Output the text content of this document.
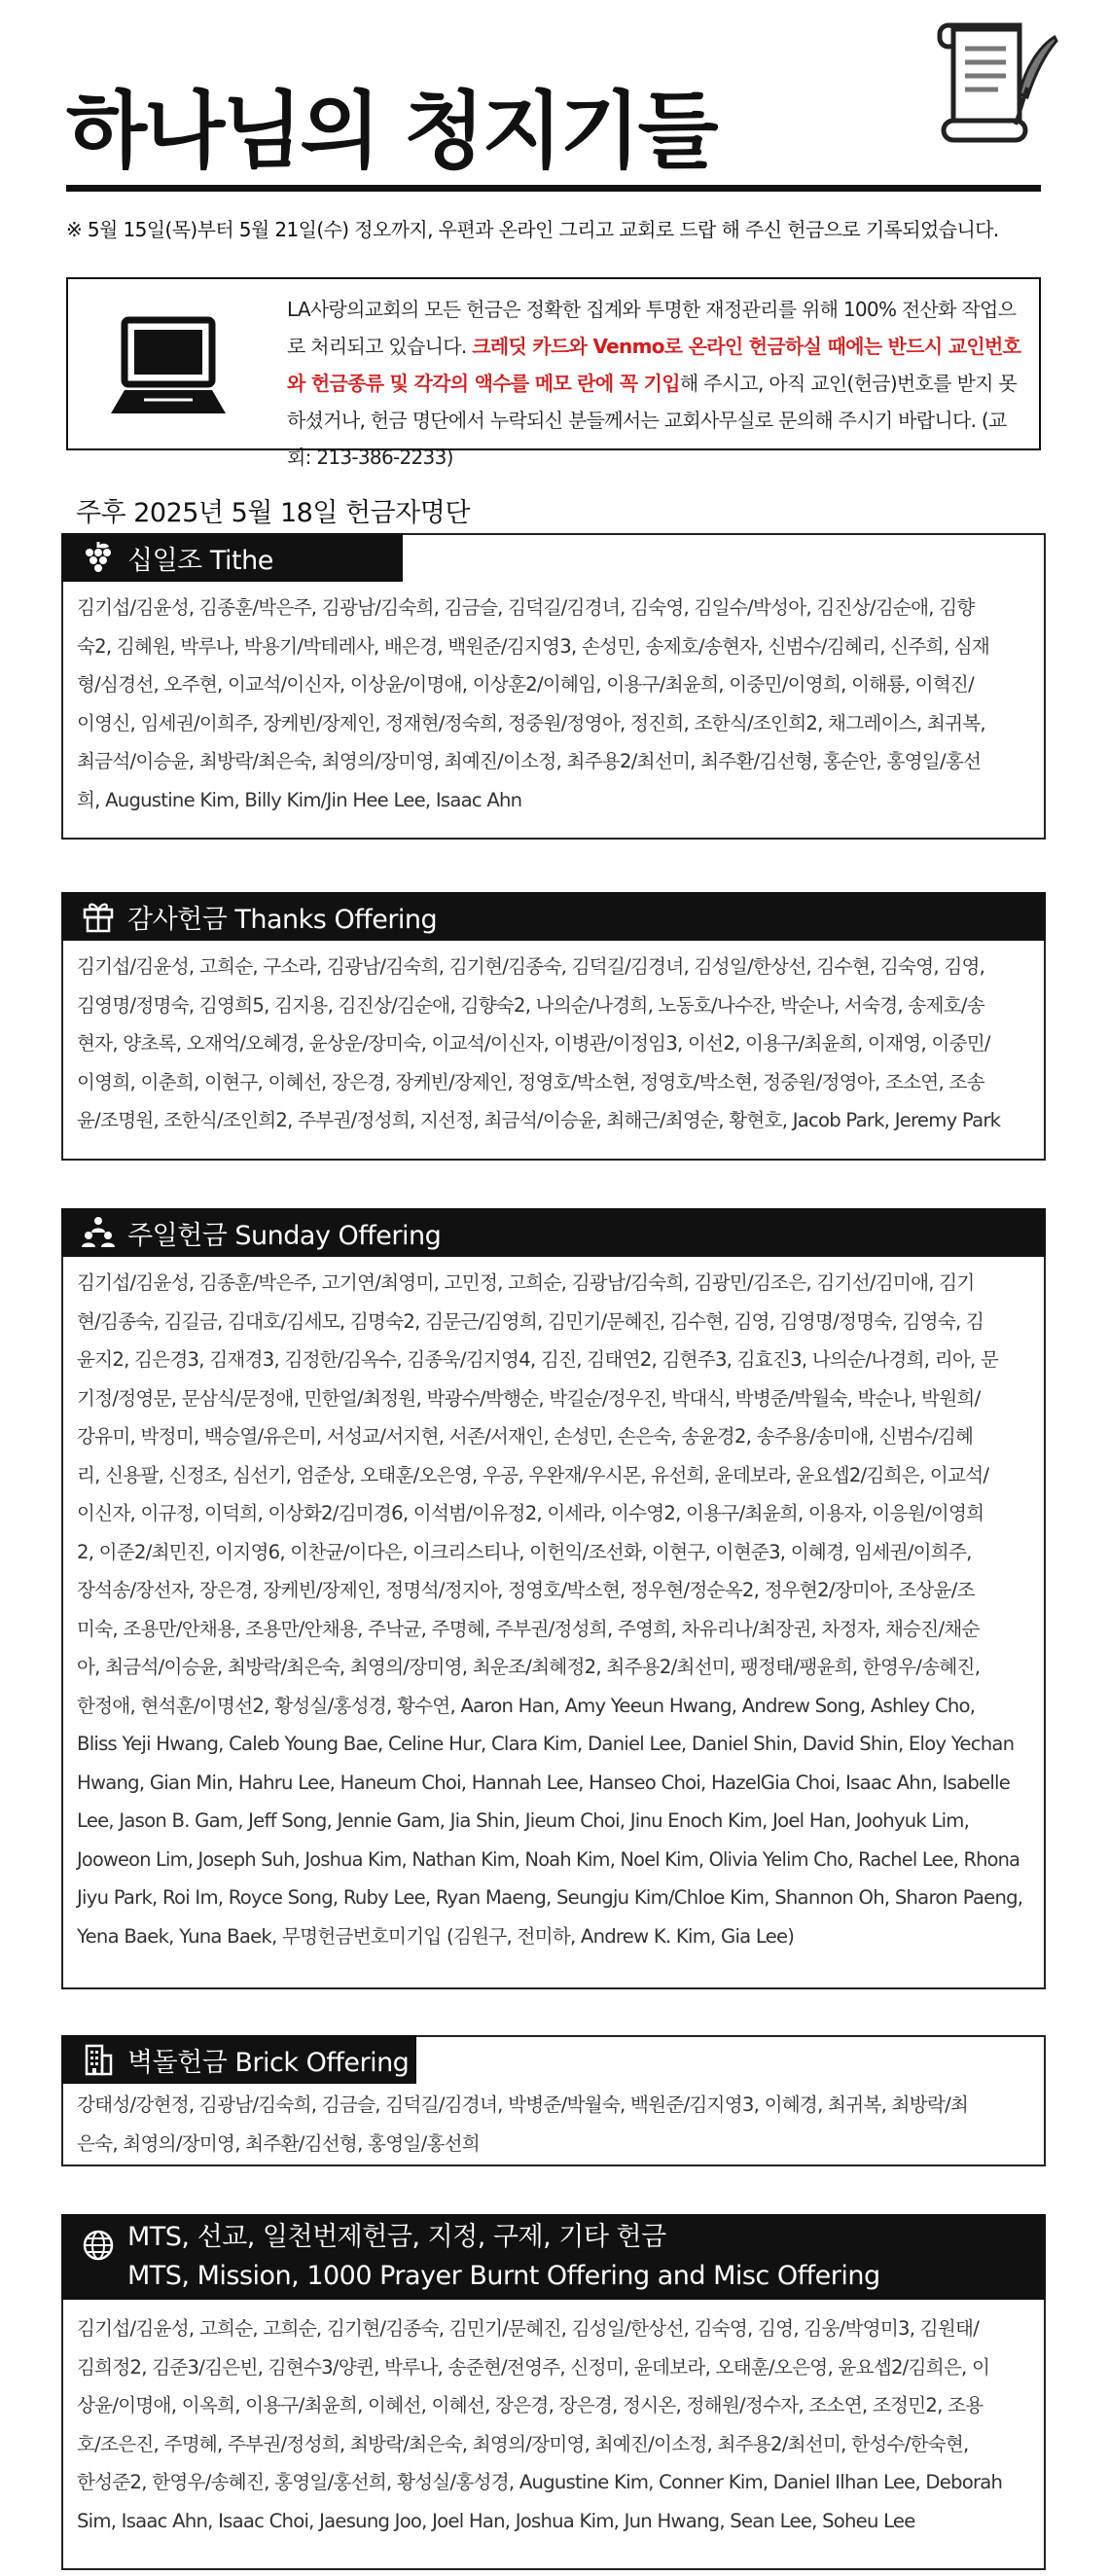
하나님의 청지기들
※ 5월 15일(목)부터 5월 21일(수) 정오까지, 우편과 온라인 그리고 교회로 드랍 해 주신 헌금으로 기록되었습니다.
LA사랑의교회의 모든 헌금은 정확한 집계와 투명한 재정관리를 위해 100% 전산화 작업으로 처리되고 있습니다. 크레딧 카드와 Venmo로 온라인 헌금하실 때에는 반드시 교인번호와 헌금종류 및 각각의 액수를 메모 란에 꼭 기입해 주시고, 아직 교인(헌금)번호를 받지 못하셨거나, 헌금 명단에서 누락되신 분들께서는 교회사무실로 문의해 주시기 바랍니다. (교회: 213-386-2233)
주후 2025년 5월 18일 헌금자명단
십일조 Tithe
김기섭/김윤성, 김종훈/박은주, 김광남/김숙희, 김금슬, 김덕길/김경녀, 김숙영, 김일수/박성아, 김진상/김순애, 김향
숙2, 김혜원, 박루나, 박용기/박테레사, 배은경, 백원준/김지영3, 손성민, 송제호/송현자, 신범수/김혜리, 신주희, 심재
형/심경선, 오주현, 이교석/이신자, 이상윤/이명애, 이상훈2/이혜임, 이용구/최윤희, 이중민/이영희, 이해룡, 이혁진/
이영신, 임세권/이희주, 장케빈/장제인, 정재현/정숙희, 정중원/정영아, 정진희, 조한식/조인희2, 채그레이스, 최귀복,
최금석/이승윤, 최방락/최은숙, 최영의/장미영, 최예진/이소정, 최주용2/최선미, 최주환/김선형, 홍순안, 홍영일/홍선
희, Augustine Kim, Billy Kim/Jin Hee Lee, Isaac Ahn
감사헌금 Thanks Offering
김기섭/김윤성, 고희순, 구소라, 김광남/김숙희, 김기현/김종숙, 김덕길/김경녀, 김성일/한상선, 김수현, 김숙영, 김영,
김영명/정명숙, 김영희5, 김지용, 김진상/김순애, 김향숙2, 나의순/나경희, 노동호/나수잔, 박순나, 서숙경, 송제호/송
현자, 양초록, 오재억/오혜경, 윤상운/장미숙, 이교석/이신자, 이병관/이정임3, 이선2, 이용구/최윤희, 이재영, 이중민/
이영희, 이춘희, 이현구, 이혜선, 장은경, 장케빈/장제인, 정영호/박소현, 정영호/박소현, 정중원/정영아, 조소연, 조송
윤/조명원, 조한식/조인희2, 주부권/정성희, 지선정, 최금석/이승윤, 최해근/최영순, 황현호, Jacob Park, Jeremy Park
주일헌금 Sunday Offering
김기섭/김윤성, 김종훈/박은주, 고기연/최영미, 고민정, 고희순, 김광남/김숙희, 김광민/김조은, 김기선/김미애, 김기
현/김종숙, 김길금, 김대호/김세모, 김명숙2, 김문근/김영희, 김민기/문혜진, 김수현, 김영, 김영명/정명숙, 김영숙, 김
윤지2, 김은경3, 김재경3, 김정한/김옥수, 김종욱/김지영4, 김진, 김태연2, 김현주3, 김효진3, 나의순/나경희, 리아, 문
기정/정영문, 문삼식/문정애, 민한얼/최정원, 박광수/박행순, 박길순/정우진, 박대식, 박병준/박월숙, 박순나, 박원희/
강유미, 박정미, 백승열/유은미, 서성교/서지현, 서존/서재인, 손성민, 손은숙, 송윤경2, 송주용/송미애, 신범수/김혜
리, 신용팔, 신정조, 심선기, 엄준상, 오태훈/오은영, 우공, 우완재/우시몬, 유선희, 윤데보라, 윤요셉2/김희은, 이교석/
이신자, 이규정, 이덕희, 이상화2/김미경6, 이석범/이유정2, 이세라, 이수영2, 이용구/최윤희, 이용자, 이응원/이영희
2, 이준2/최민진, 이지영6, 이찬균/이다은, 이크리스티나, 이헌익/조선화, 이현구, 이현준3, 이혜경, 임세권/이희주,
장석송/장선자, 장은경, 장케빈/장제인, 정명석/정지아, 정영호/박소현, 정우현/정순옥2, 정우현2/장미아, 조상윤/조
미숙, 조용만/안채용, 조용만/안채용, 주낙균, 주명혜, 주부권/정성희, 주영희, 차유리나/최장권, 차정자, 채승진/채순
아, 최금석/이승윤, 최방락/최은숙, 최영의/장미영, 최운조/최혜정2, 최주용2/최선미, 팽정태/팽윤희, 한영우/송혜진,
한정애, 현석훈/이명선2, 황성실/홍성경, 황수연, Aaron Han, Amy Yeeun Hwang, Andrew Song, Ashley Cho,
Bliss Yeji Hwang, Caleb Young Bae, Celine Hur, Clara Kim, Daniel Lee, Daniel Shin, David Shin, Eloy Yechan
Hwang, Gian Min, Hahru Lee, Haneum Choi, Hannah Lee, Hanseo Choi, HazelGia Choi, Isaac Ahn, Isabelle
Lee, Jason B. Gam, Jeff Song, Jennie Gam, Jia Shin, Jieum Choi, Jinu Enoch Kim, Joel Han, Joohyuk Lim,
Jooweon Lim, Joseph Suh, Joshua Kim, Nathan Kim, Noah Kim, Noel Kim, Olivia Yelim Cho, Rachel Lee, Rhona
Jiyu Park, Roi Im, Royce Song, Ruby Lee, Ryan Maeng, Seungju Kim/Chloe Kim, Shannon Oh, Sharon Paeng,
Yena Baek, Yuna Baek, 무명헌금번호미기입 (김원구, 전미하, Andrew K. Kim, Gia Lee)
벽돌헌금 Brick Offering
강태성/강현정, 김광남/김숙희, 김금슬, 김덕길/김경녀, 박병준/박월숙, 백원준/김지영3, 이혜경, 최귀복, 최방락/최
은숙, 최영의/장미영, 최주환/김선형, 홍영일/홍선희
MTS, 선교, 일천번제헌금, 지정, 구제, 기타 헌금
MTS, Mission, 1000 Prayer Burnt Offering and Misc Offering
김기섭/김윤성, 고희순, 고희순, 김기현/김종숙, 김민기/문혜진, 김성일/한상선, 김숙영, 김영, 김웅/박영미3, 김원태/
김희정2, 김준3/김은빈, 김현수3/양퀸, 박루나, 송준현/전영주, 신정미, 윤데보라, 오태훈/오은영, 윤요셉2/김희은, 이
상윤/이명애, 이옥희, 이용구/최윤희, 이혜선, 이혜선, 장은경, 장은경, 정시온, 정해원/정수자, 조소연, 조정민2, 조용
호/조은진, 주명혜, 주부권/정성희, 최방락/최은숙, 최영의/장미영, 최예진/이소정, 최주용2/최선미, 한성수/한숙현,
한성준2, 한영우/송혜진, 홍영일/홍선희, 황성실/홍성경, Augustine Kim, Conner Kim, Daniel Ilhan Lee, Deborah
Sim, Isaac Ahn, Isaac Choi, Jaesung Joo, Joel Han, Joshua Kim, Jun Hwang, Sean Lee, Soheu Lee
